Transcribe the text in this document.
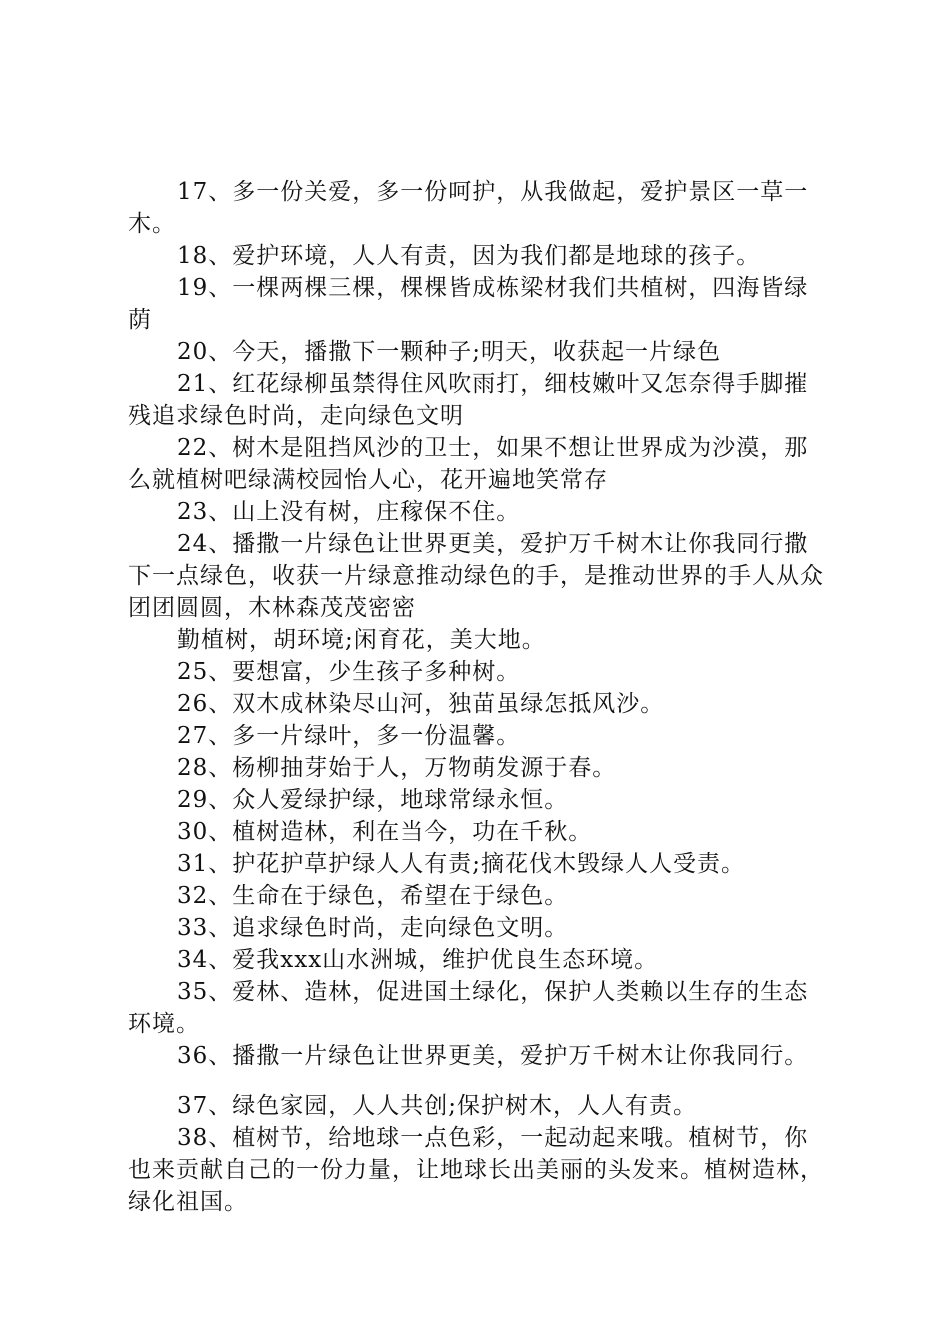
17、多一份关爱，多一份呵护，从我做起，爱护景区一草一木。

18、爱护环境，人人有责，因为我们都是地球的孩子。

19、一棵两棵三棵，棵棵皆成栋梁材我们共植树，四海皆绿荫

20、今天，播撒下一颗种子;明天，收获起一片绿色

21、红花绿柳虽禁得住风吹雨打，细枝嫩叶又怎奈得手脚摧残追求绿色时尚，走向绿色文明

22、树木是阻挡风沙的卫士，如果不想让世界成为沙漠，那么就植树吧绿满校园怡人心，花开遍地笑常存

23、山上没有树，庄稼保不住。

24、播撒一片绿色让世界更美，爱护万千树木让你我同行撒下一点绿色，收获一片绿意推动绿色的手，是推动世界的手人从众团团圆圆，木林森茂茂密密

勤植树，胡环境;闲育花，美大地。

25、要想富，少生孩子多种树。

26、双木成林染尽山河，独苗虽绿怎抵风沙。

27、多一片绿叶，多一份温馨。

28、杨柳抽芽始于人，万物萌发源于春。

29、众人爱绿护绿，地球常绿永恒。

30、植树造林，利在当今，功在千秋。

31、护花护草护绿人人有责;摘花伐木毁绿人人受责。

32、生命在于绿色，希望在于绿色。

33、追求绿色时尚，走向绿色文明。

34、爱我xxx山水洲城，维护优良生态环境。

35、爱林、造林，促进国土绿化，保护人类赖以生存的生态环境。

36、播撒一片绿色让世界更美，爱护万千树木让你我同行。

37、绿色家园，人人共创;保护树木，人人有责。

38、植树节，给地球一点色彩，一起动起来哦。植树节，你也来贡献自己的一份力量，让地球长出美丽的头发来。植树造林，绿化祖国。
